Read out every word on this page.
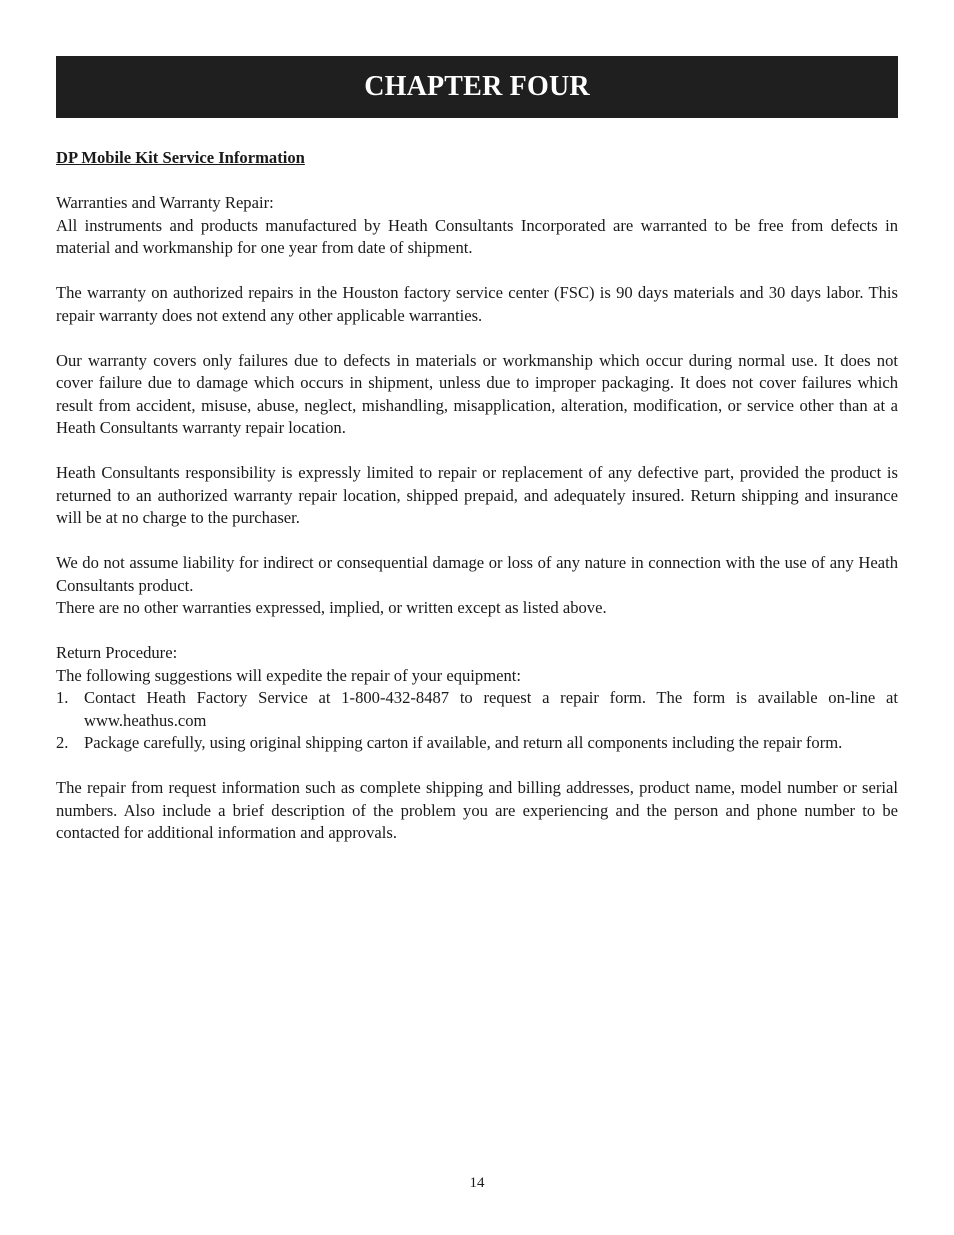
CHAPTER FOUR
DP Mobile Kit Service Information

Warranties and Warranty Repair:
All instruments and products manufactured by Heath Consultants Incorporated are warranted to be free from defects in material and workmanship for one year from date of shipment.

The warranty on authorized repairs in the Houston factory service center (FSC) is 90 days materials and 30 days labor. This repair warranty does not extend any other applicable warranties.

Our warranty covers only failures due to defects in materials or workmanship which occur during normal use. It does not cover failure due to damage which occurs in shipment, unless due to improper packaging. It does not cover failures which result from accident, misuse, abuse, neglect, mishandling, misapplication, alteration, modification, or service other than at a Heath Consultants warranty repair location.

Heath Consultants responsibility is expressly limited to repair or replacement of any defective part, provided the product is returned to an authorized warranty repair location, shipped prepaid, and adequately insured. Return shipping and insurance will be at no charge to the purchaser.

We do not assume liability for indirect or consequential damage or loss of any nature in connection with the use of any Heath Consultants product.
There are no other warranties expressed, implied, or written except as listed above.

Return Procedure:
The following suggestions will expedite the repair of your equipment:

1. Contact Heath Factory Service at 1-800-432-8487 to request a repair form. The form is available on-line at www.heathus.com
2. Package carefully, using original shipping carton if available, and return all components including the repair form.

The repair from request information such as complete shipping and billing addresses, product name, model number or serial numbers. Also include a brief description of the problem you are experiencing and the person and phone number to be contacted for additional information and approvals.

14
